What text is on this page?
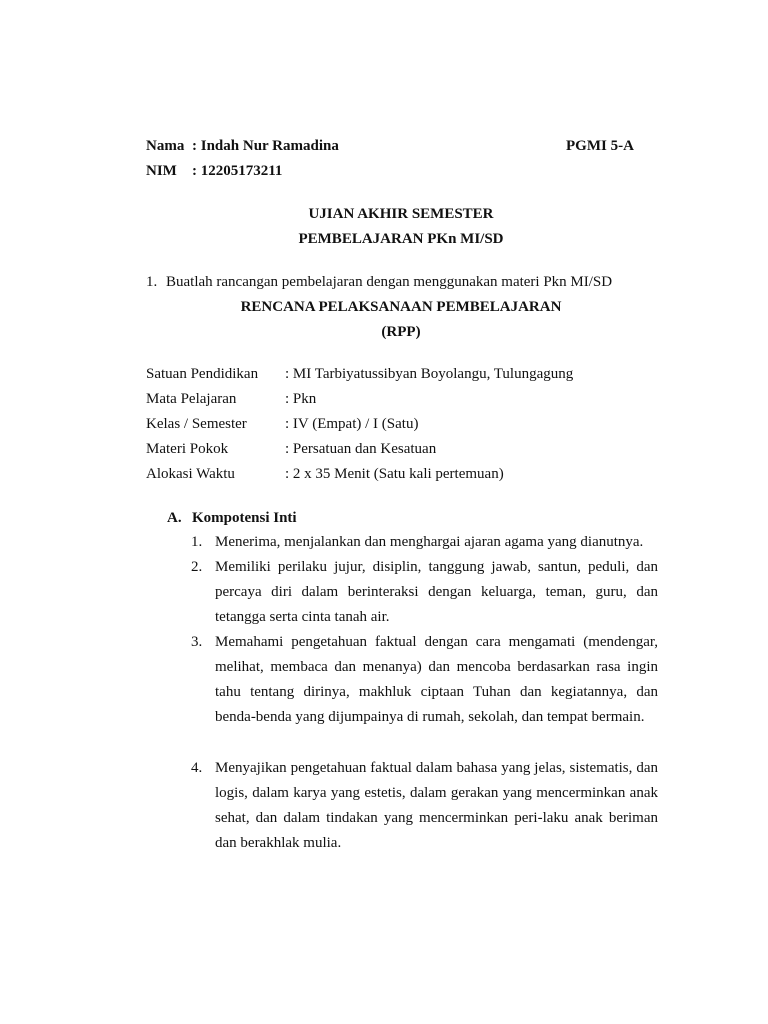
Nama : Indah Nur Ramadina	PGMI 5-A
NIM : 12205173211
UJIAN AKHIR SEMESTER
PEMBELAJARAN PKn MI/SD
1. Buatlah rancangan pembelajaran dengan menggunakan materi Pkn MI/SD
RENCANA PELAKSANAAN PEMBELAJARAN
(RPP)
Satuan Pendidikan : MI Tarbiyatussibyan Boyolangu, Tulungagung
Mata Pelajaran	: Pkn
Kelas / Semester	: IV (Empat) / I (Satu)
Materi Pokok	: Persatuan dan Kesatuan
Alokasi Waktu	: 2 x 35 Menit (Satu kali pertemuan)
A. Kompotensi Inti
1. Menerima, menjalankan dan menghargai ajaran agama yang dianutnya.
2. Memiliki perilaku jujur, disiplin, tanggung jawab, santun, peduli, dan percaya diri dalam berinteraksi dengan keluarga, teman, guru, dan tetangga serta cinta tanah air.
3. Memahami pengetahuan faktual dengan cara mengamati (mendengar, melihat, membaca dan menanya) dan mencoba berdasarkan rasa ingin tahu tentang dirinya, makhluk ciptaan Tuhan dan kegiatannya, dan benda-benda yang dijumpainya di rumah, sekolah, dan tempat bermain.
4. Menyajikan pengetahuan faktual dalam bahasa yang jelas, sistematis, dan logis, dalam karya yang estetis, dalam gerakan yang mencerminkan anak sehat, dan dalam tindakan yang mencerminkan peri-laku anak beriman dan berakhlak mulia.
